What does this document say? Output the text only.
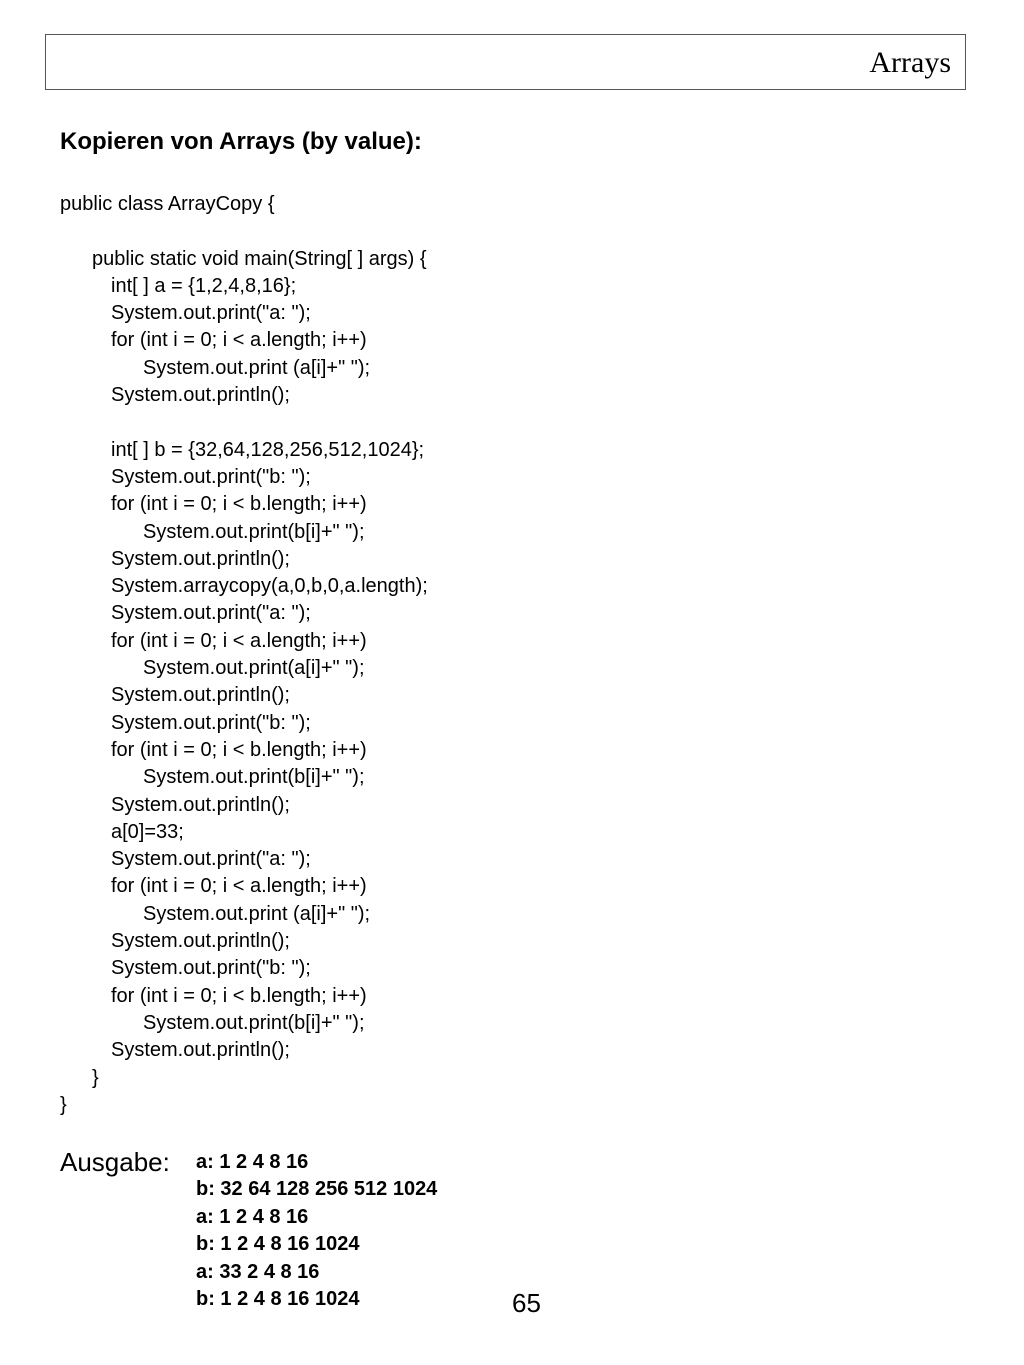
Arrays
Kopieren von Arrays (by value):
public class ArrayCopy {
public static void main(String[ ] args) {
int[ ] a = {1,2,4,8,16};
System.out.print("a: ");
for (int i = 0; i < a.length; i++)
System.out.print (a[i]+" ");
System.out.println();
int[ ] b = {32,64,128,256,512,1024};
System.out.print("b: ");
for (int i = 0; i < b.length; i++)
System.out.print(b[i]+" ");
System.out.println();
System.arraycopy(a,0,b,0,a.length);
System.out.print("a: ");
for (int i = 0; i < a.length; i++)
System.out.print(a[i]+" ");
System.out.println();
System.out.print("b: ");
for (int i = 0; i < b.length; i++)
System.out.print(b[i]+" ");
System.out.println();
a[0]=33;
System.out.print("a: ");
for (int i = 0; i < a.length; i++)
System.out.print (a[i]+" ");
System.out.println();
System.out.print("b: ");
for (int i = 0; i < b.length; i++)
System.out.print(b[i]+" ");
System.out.println();
}
}
Ausgabe: a: 1 2 4 8 16
b: 32 64 128 256 512 1024
a: 1 2 4 8 16
b: 1 2 4 8 16 1024
a: 33 2 4 8 16
b: 1 2 4 8 16 1024	65
